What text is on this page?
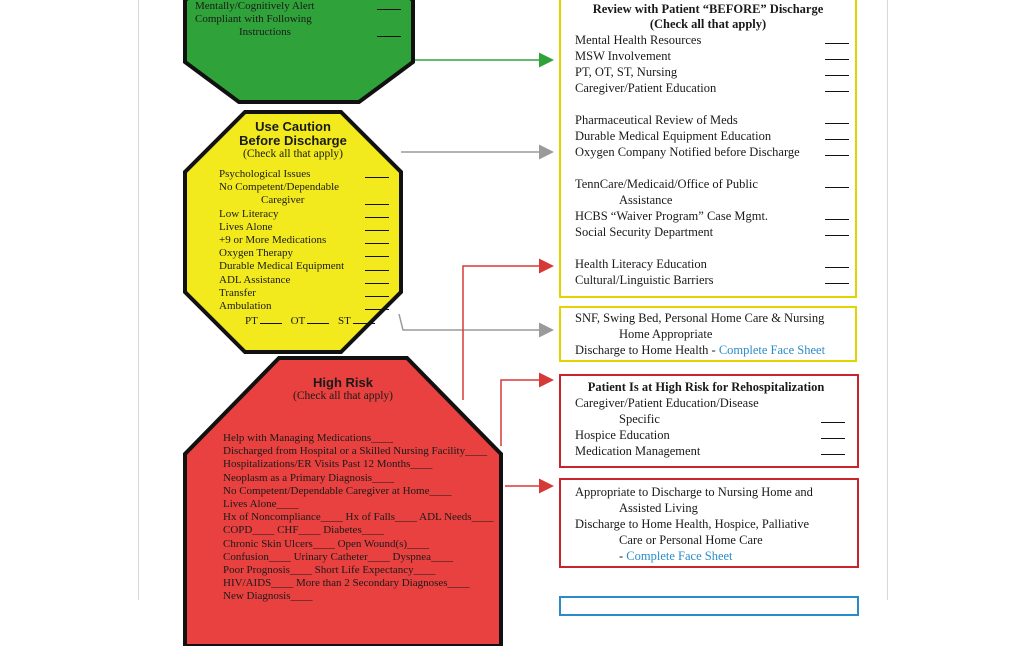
Mentally/Cognitively Alert
Compliant with Following
Instructions
Use Caution
Before Discharge
(Check all that apply)
Psychological Issues
No Competent/Dependable
Caregiver
Low Literacy
Lives Alone
+9 or More Medications
Oxygen Therapy
Durable Medical Equipment
ADL Assistance
Transfer
Ambulation
PT	OT	ST
High Risk
(Check all that apply)
Help with Managing Medications____
Discharged from Hospital or a Skilled Nursing Facility____
Hospitalizations/ER Visits Past 12 Months____
Neoplasm as a Primary Diagnosis____
No Competent/Dependable Caregiver at Home____
Lives Alone____
Hx of Noncompliance____ Hx of Falls____ ADL Needs____
COPD____ CHF____ Diabetes____
Chronic Skin Ulcers____ Open Wound(s)____
Confusion____ Urinary Catheter____ Dyspnea____
Poor Prognosis____ Short Life Expectancy____
HIV/AIDS____ More than 2 Secondary Diagnoses____
New Diagnosis____
Review with Patient “BEFORE” Discharge
(Check all that apply)
Mental Health Resources
MSW Involvement
PT, OT, ST, Nursing
Caregiver/Patient Education
Pharmaceutical Review of Meds
Durable Medical Equipment Education
Oxygen Company Notified before Discharge
TennCare/Medicaid/Office of Public
Assistance
HCBS “Waiver Program” Case Mgmt.
Social Security Department
Health Literacy Education
Cultural/Linguistic Barriers
SNF, Swing Bed, Personal Home Care & Nursing
Home Appropriate
Discharge to Home Health - Complete Face Sheet
Patient Is at High Risk for Rehospitalization
Caregiver/Patient Education/Disease
Specific
Hospice Education
Medication Management
Appropriate to Discharge to Nursing Home and
Assisted Living
Discharge to Home Health, Hospice, Palliative
Care or Personal Home Care
- Complete Face Sheet
